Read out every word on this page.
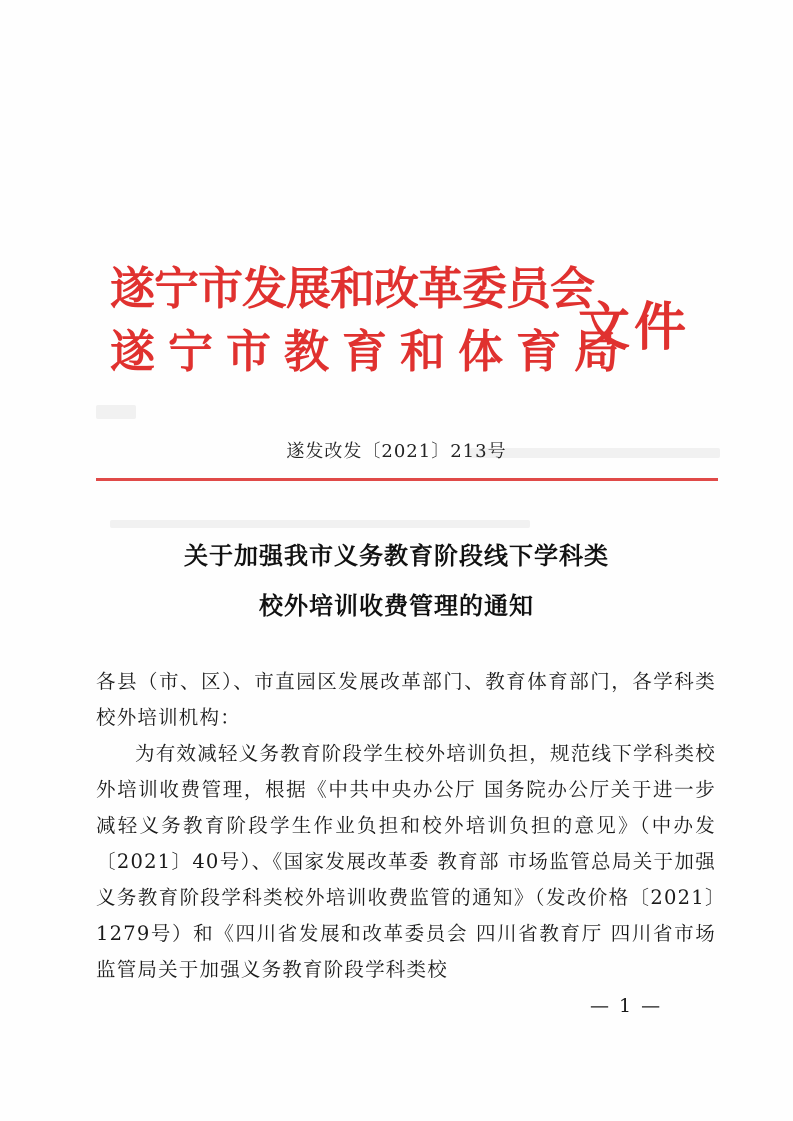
遂宁市发展和改革委员会
遂宁市教育和体育局
文件
遂发改发〔2021〕213号
关于加强我市义务教育阶段线下学科类
校外培训收费管理的通知

各县（市、区）、市直园区发展改革部门、教育体育部门，各学科类校外培训机构：

为有效减轻义务教育阶段学生校外培训负担，规范线下学科类校外培训收费管理，根据《中共中央办公厅 国务院办公厅关于进一步减轻义务教育阶段学生作业负担和校外培训负担的意见》（中办发〔2021〕40号）、《国家发展改革委 教育部 市场监管总局关于加强义务教育阶段学科类校外培训收费监管的通知》（发改价格〔2021〕1279号）和《四川省发展和改革委员会 四川省教育厅 四川省市场监管局关于加强义务教育阶段学科类校

— 1 —
